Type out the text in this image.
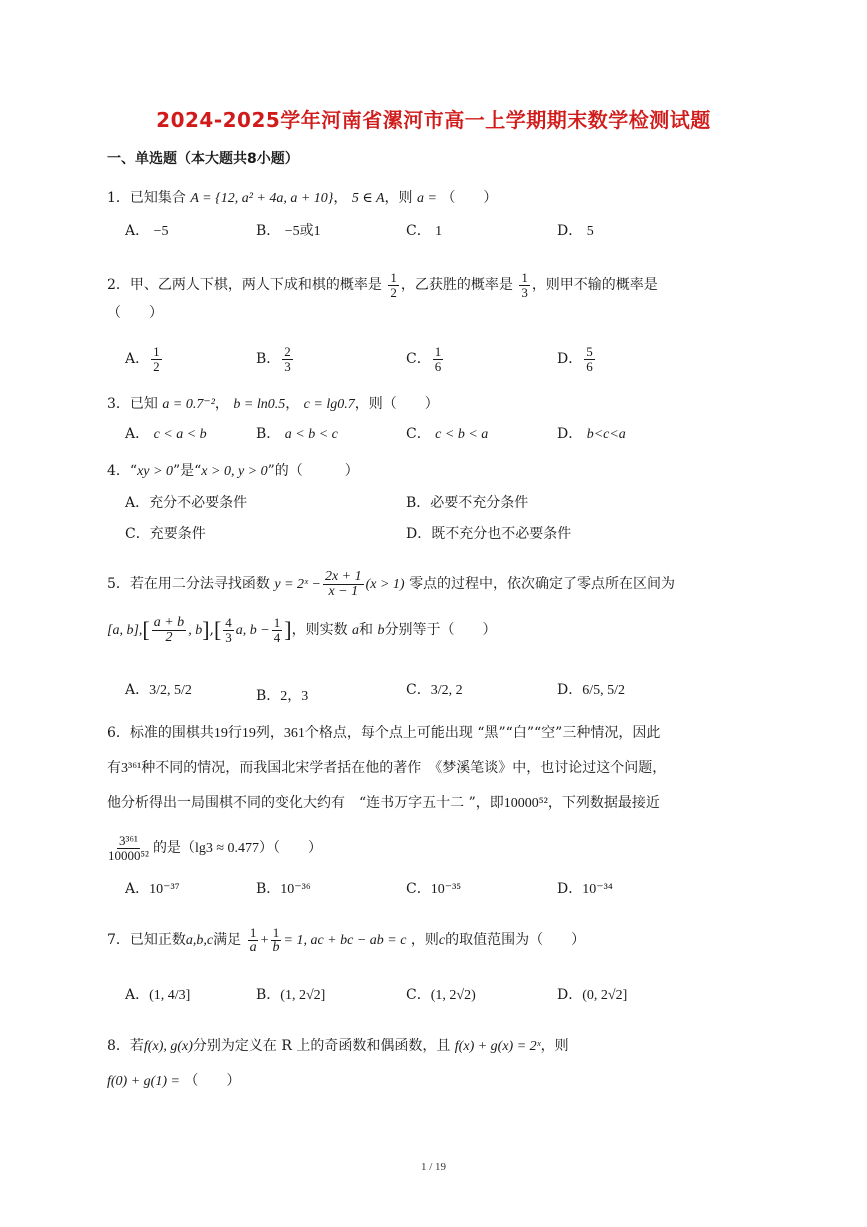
2024-2025学年河南省漯河市高一上学期期末数学检测试题
一、单选题（本大题共8小题）
1．已知集合 A = {12, a² + 4a, a + 10}， 5 ∈ A，则 a = （　　）
A． −5	B． −5或1	C． 1	D． 5
2．甲、乙两人下棋，两人下成和棋的概率是 $\frac{1}{2}$ ，乙获胜的概率是 $\frac{1}{3}$ ，则甲不输的概率是
（　　）
A． $\frac{1}{2}$	B． $\frac{2}{3}$	C． $\frac{1}{6}$	D． $\frac{5}{6}$
3．已知 a = 0.7⁻²， b = ln0.5， c = lg0.7，则（　　）
A． c < a < b	B． a < b < c	C． c < b < a	D． b<c<a
4．“xy > 0”是“x > 0, y > 0”的（　　　）
A．充分不必要条件	B．必要不充分条件
C．充要条件	D．既不充分也不必要条件
5．若在用二分法寻找函数 y = 2ˣ − $\frac{2x + 1}{x - 1} (x > 1)$ 零点的过程中，依次确定了零点所在区间为
[a, $b],[ \frac{a + b}{2}$ , $b],[ \frac{4}{3} a$, $b - \frac{1}{4}$ ]，则实数 a和 b分别等于（　　）
A．3/2, 5/2	B．2，3	C．3/2, 2	D．6/5, 5/2
6．标准的围棋共19行19列，361个格点，每个点上可能出现 “黑”“白”“空”三种情况，因此
有3³⁶¹种不同的情况，而我国北宋学者括在他的著作　《梦溪笔谈》中，也讨论过这个问题，
他分析得出一局围棋不同的变化大约有　“连书万字五十二 ”，即10000⁵²，下列数据最接近
$\frac{\text{3³⁶¹}}{\text{10000⁵²}}$ 的是（lg3 ≈ 0.477）（　　）
A．10⁻³⁷	B．10⁻³⁶	C．10⁻³⁵	D．10⁻³⁴
7．已知正数a,b,c满足 $\frac{1}{a} + \frac{1}{b} = 1$, ac + bc − ab = c ，则c的取值范围为（　　）
A．(1, 4/3]	B．(1, 2√2]	C．(1, 2√2)	D．(0, 2√2]
8．若f(x), g(x)分别为定义在 R 上的奇函数和偶函数，且 f(x) + g(x) = 2ˣ，则
f(0) + g(1) = （　　）
1 / 19
